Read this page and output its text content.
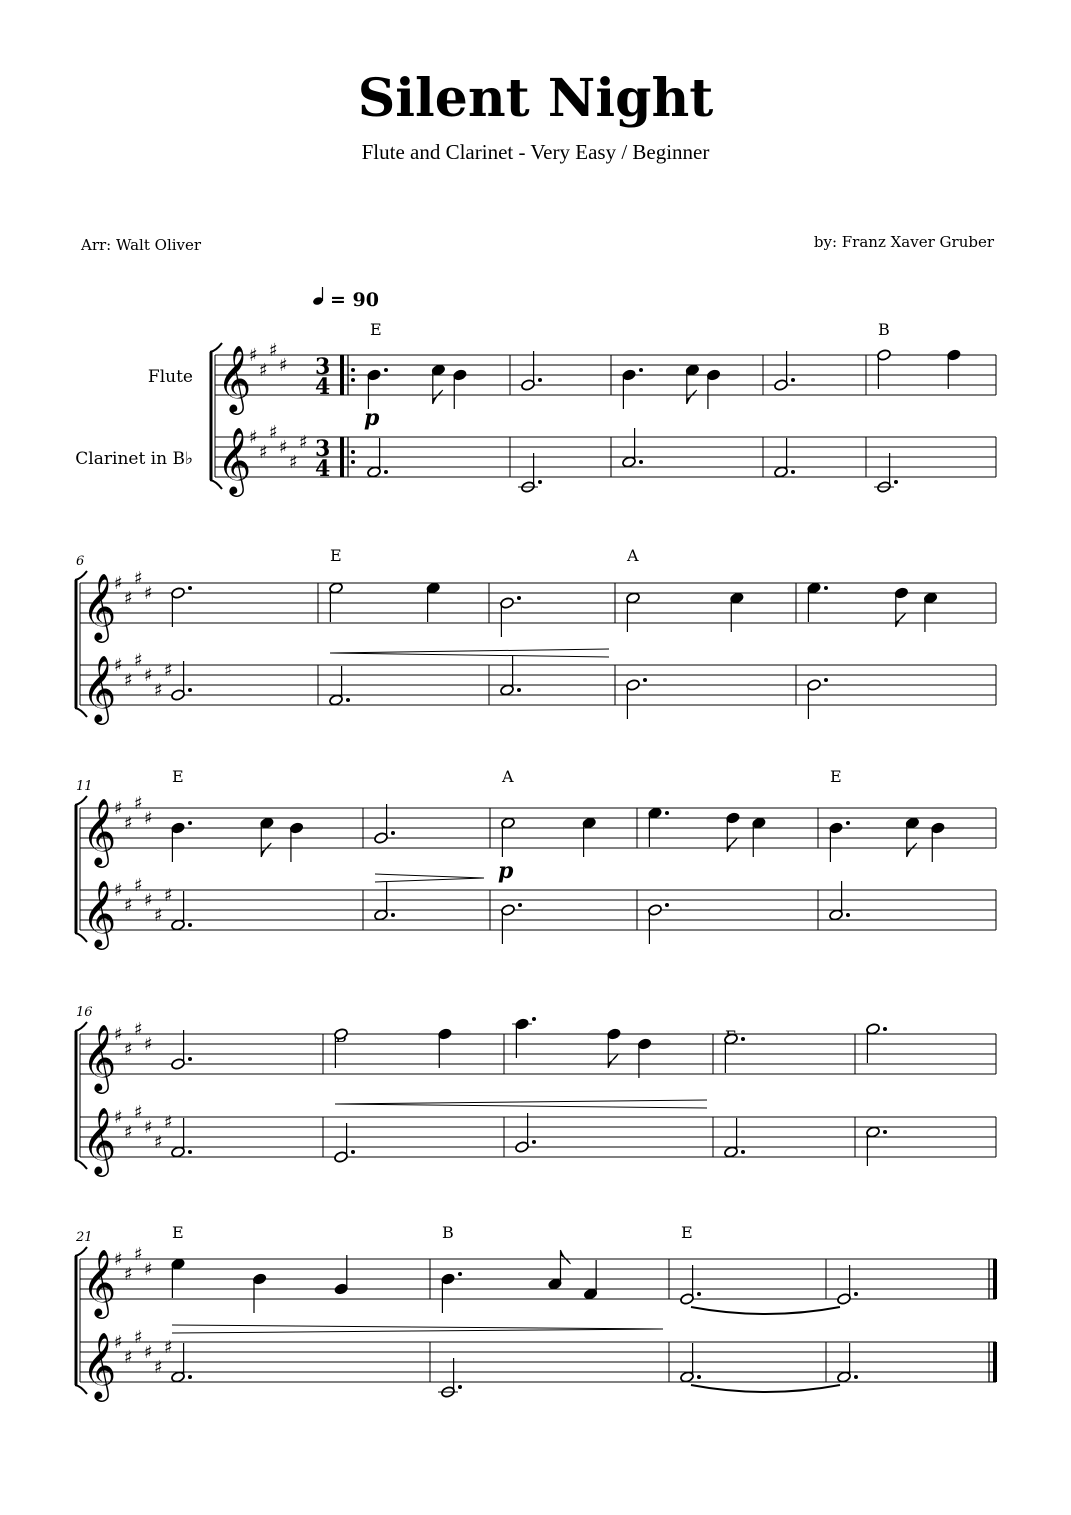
Silent Night
Flute and Clarinet - Very Easy / Beginner
Arr: Walt Oliver	by: Franz Xaver Gruber
= 90
Flute
Clarinet in B♭
𝄞
𝄞
♯
♯
♯
♯
♯
♯
♯
♯
♯
♯
3
4
3
4
E
p
B
6
𝄞
𝄞
♯
♯
♯
♯
♯
♯
♯
♯
♯
♯
E	A
11
𝄞
𝄞
♯
♯
♯
♯
♯
♯
♯
♯
♯
♯
E	A
p
E
16
𝄞
𝄞
♯
♯
♯
♯
♯
♯
♯
♯
♯
♯
21
𝄞
𝄞
♯
♯
♯
♯
♯
♯
♯
♯
♯
♯
E	B	E
